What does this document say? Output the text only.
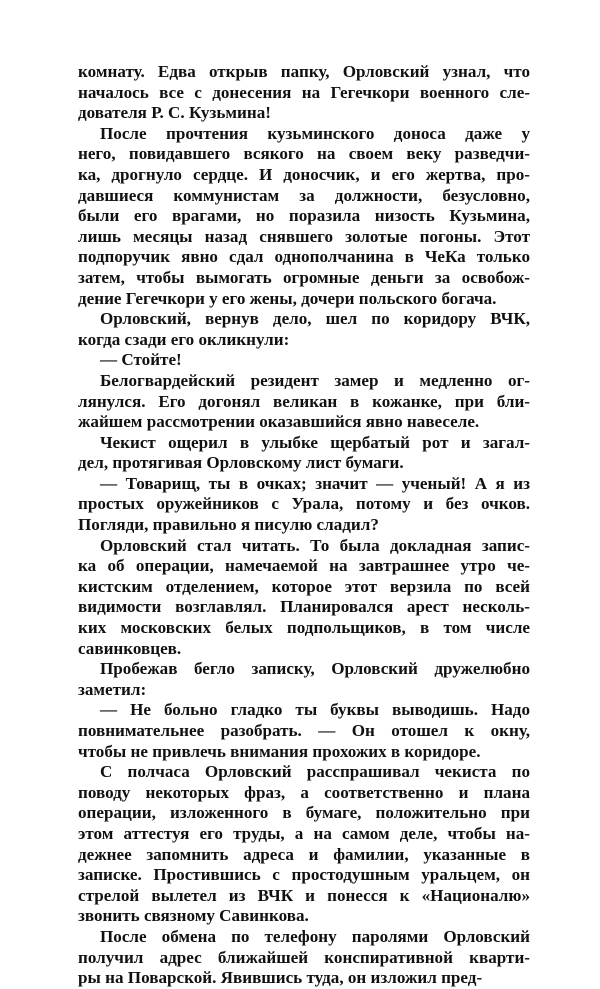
комнату. Едва открыв папку, Орловский узнал, что
началось все с донесения на Гегечкори военного сле-
дователя Р. С. Кузьмина!
После прочтения кузьминского доноса даже у
него, повидавшего всякого на своем веку разведчи-
ка, дрогнуло сердце. И доносчик, и его жертва, про-
давшиеся коммунистам за должности, безусловно,
были его врагами, но поразила низость Кузьмина,
лишь месяцы назад снявшего золотые погоны. Этот
подпоручик явно сдал однополчанина в ЧеКа только
затем, чтобы вымогать огромные деньги за освобож-
дение Гегечкори у его жены, дочери польского богача.
Орловский, вернув дело, шел по коридору ВЧК,
когда сзади его окликнули:
— Стойте!
Белогвардейский резидент замер и медленно ог-
лянулся. Его догонял великан в кожанке, при бли-
жайшем рассмотрении оказавшийся явно навеселе.
Чекист ощерил в улыбке щербатый рот и загал-
дел, протягивая Орловскому лист бумаги.
— Товарищ, ты в очках; значит — ученый! А я из
простых оружейников с Урала, потому и без очков.
Погляди, правильно я писулю сладил?
Орловский стал читать. То была докладная запис-
ка об операции, намечаемой на завтрашнее утро че-
кистским отделением, которое этот верзила по всей
видимости возглавлял. Планировался арест несколь-
ких московских белых подпольщиков, в том числе
савинковцев.
Пробежав бегло записку, Орловский дружелюбно
заметил:
— Не больно гладко ты буквы выводишь. Надо
повнимательнее разобрать. — Он отошел к окну,
чтобы не привлечь внимания прохожих в коридоре.
С полчаса Орловский расспрашивал чекиста по
поводу некоторых фраз, а соответственно и плана
операции, изложенного в бумаге, положительно при
этом аттестуя его труды, а на самом деле, чтобы на-
дежнее запомнить адреса и фамилии, указанные в
записке. Простившись с простодушным уральцем, он
стрелой вылетел из ВЧК и понесся к «Националю»
звонить связному Савинкова.
После обмена по телефону паролями Орловский
получил адрес ближайшей конспиративной кварти-
ры на Поварской. Явившись туда, он изложил пред-
